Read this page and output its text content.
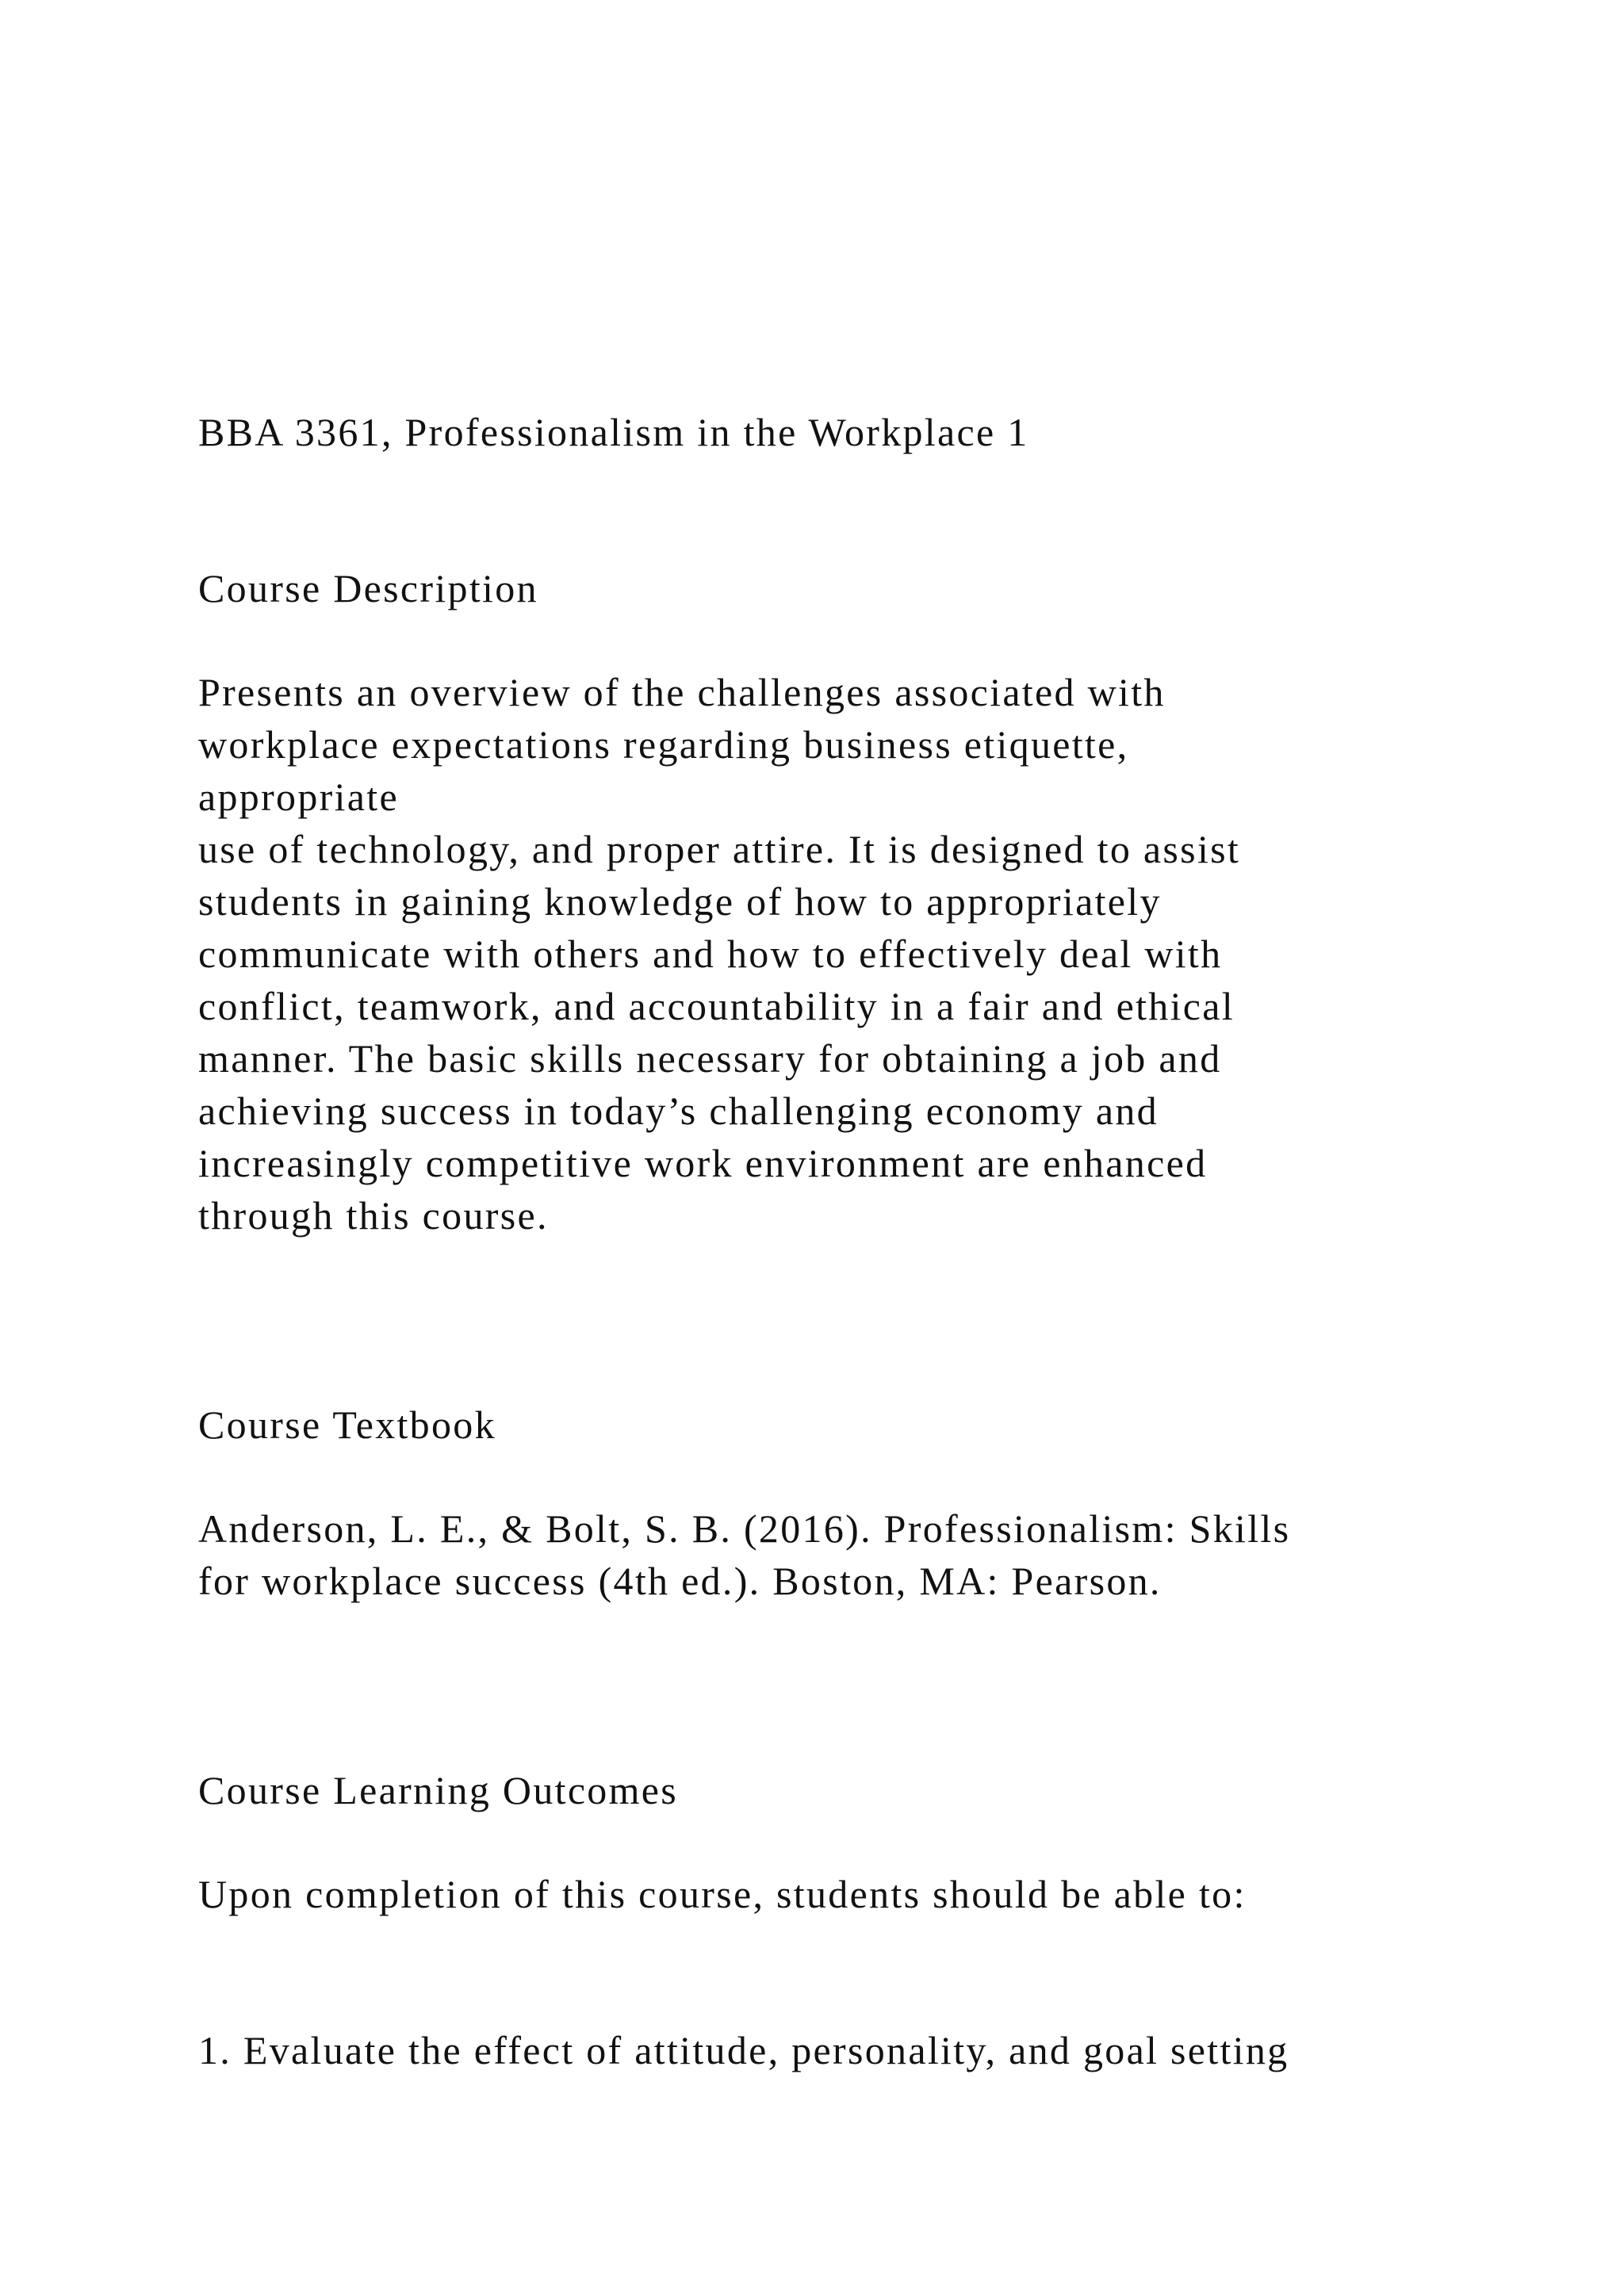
BBA 3361, Professionalism in the Workplace 1

Course Description

Presents an overview of the challenges associated with

workplace expectations regarding business etiquette,

appropriate

use of technology, and proper attire. It is designed to assist

students in gaining knowledge of how to appropriately

communicate with others and how to effectively deal with

conflict, teamwork, and accountability in a fair and ethical

manner. The basic skills necessary for obtaining a job and

achieving success in today’s challenging economy and

increasingly competitive work environment are enhanced

through this course.

Course Textbook

Anderson, L. E., & Bolt, S. B. (2016). Professionalism: Skills

for workplace success (4th ed.). Boston, MA: Pearson.

Course Learning Outcomes

Upon completion of this course, students should be able to:

1. Evaluate the effect of attitude, personality, and goal setting
